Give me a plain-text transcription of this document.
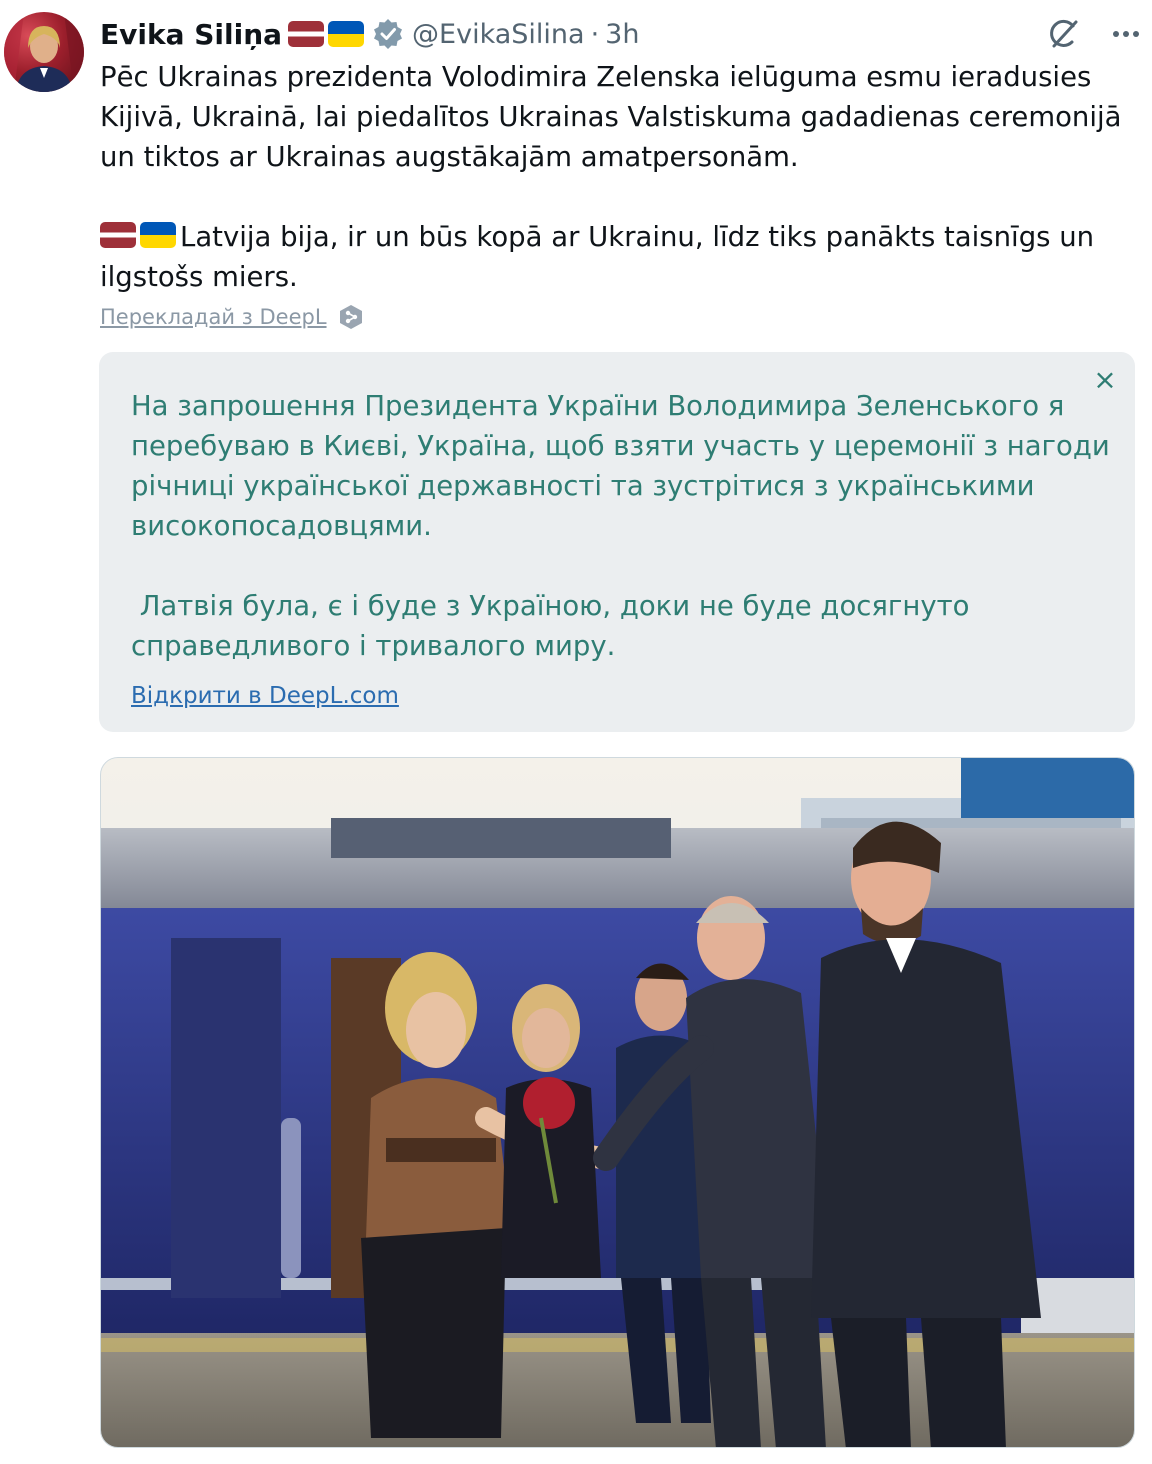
Evika Siliņa	@EvikaSilina · 3h
Pēc Ukrainas prezidenta Volodimira Zelenska ielūguma esmu ieradusies Kijivā, Ukrainā, lai piedalītos Ukrainas Valstiskuma gadadienas ceremonijā un tiktos ar Ukrainas augstākajām amatpersonām.
Latvija bija, ir un būs kopā ar Ukrainu, līdz tiks panākts taisnīgs un ilgstošs miers.
Перекладай з DeepL
×
На запрошення Президента України Володимира Зеленського я перебуваю в Києві, Україна, щоб взяти участь у церемонії з нагоди річниці української державності та зустрітися з українськими високопосадовцями.
Латвія була, є і буде з Україною, доки не буде досягнуто справедливого і тривалого миру.
Відкрити в DeepL.com
